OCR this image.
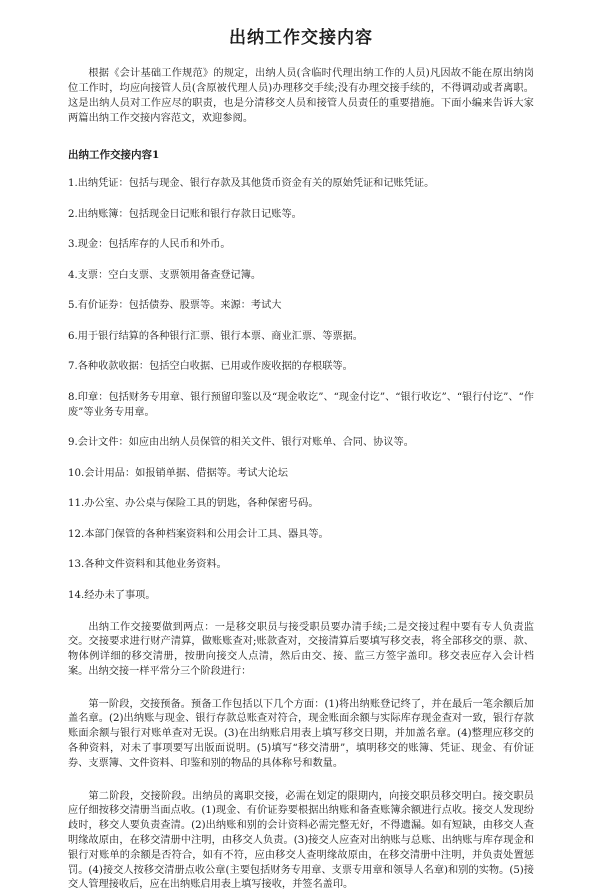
出纳工作交接内容

根据《会计基础工作规范》的规定，出纳人员(含临时代理出纳工作的人员)凡因故不能在原出纳岗位工作时，均应向接管人员(含原被代理人员)办理移交手续;没有办理交接手续的，不得调动或者离职。这是出纳人员对工作应尽的职责，也是分清移交人员和接管人员责任的重要措施。下面小编来告诉大家两篇出纳工作交接内容范文，欢迎参阅。

出纳工作交接内容1

1.出纳凭证：包括与现金、银行存款及其他货币资金有关的原始凭证和记账凭证。

2.出纳账簿：包括现金日记账和银行存款日记账等。

3.现金：包括库存的人民币和外币。

4.支票：空白支票、支票领用备查登记簿。

5.有价证券：包括债券、股票等。来源：考试大

6.用于银行结算的各种银行汇票、银行本票、商业汇票、等票据。

7.各种收款收据：包括空白收据、已用或作废收据的存根联等。

8.印章：包括财务专用章、银行预留印鉴以及“现金收讫”、“现金付讫”、“银行收讫”、“银行付讫”、“作废”等业务专用章。

9.会计文件：如应由出纳人员保管的相关文件、银行对账单、合同、协议等。

10.会计用品：如报销单据、借据等。考试大论坛

11.办公室、办公桌与保险工具的钥匙，各种保密号码。

12.本部门保管的各种档案资料和公用会计工具、器具等。

13.各种文件资料和其他业务资料。

14.经办未了事项。

出纳工作交接要做到两点：一是移交职员与接受职员要办清手续;二是交接过程中要有专人负责监交。交接要求进行财产清算，做账账查对;账款查对，交接清算后要填写移交表，将全部移交的票、款、物体例详细的移交清册，按册向接交人点清，然后由交、接、监三方签字盖印。移交表应存入会计档案。出纳交接一样平常分三个阶段进行：

第一阶段，交接预备。预备工作包括以下几个方面：(1)将出纳账登记终了，并在最后一笔余额后加盖名章。(2)出纳账与现金、银行存款总账查对符合，现金账面余额与实际库存现金查对一致，银行存款账面余额与银行对账单查对无误。(3)在出纳账启用表上填写移交日期，并加盖名章。(4)整理应移交的各种资料，对未了事项要写出版面说明。(5)填写“移交清册”，填明移交的账簿、凭证、现金、有价证券、支票簿、文件资料、印鉴和别的物品的具体称号和数量。

第二阶段，交接阶段。出纳员的离职交接，必需在划定的限期内，向接交职员移交明白。接交职员应仔细按移交清册当面点收。(1)现金、有价证券要根据出纳账和备查账簿余额进行点收。接交人发现纷歧时，移交人要负责查清。(2)出纳账和别的会计资料必需完整无好，不得遗漏。如有短缺，由移交人查明缘故原由，在移交清册中注明，由移交人负责。(3)接交人应查对出纳账与总账、出纳账与库存现金和银行对账单的余额是否符合，如有不符，应由移交人查明缘故原由，在移交清册中注明，并负责处置惩罚。(4)接交人按移交清册点收公章(主要包括财务专用章、支票专用章和领导人名章)和别的实物。(5)接交人管理接收后，应在出纳账启用表上填写接收，并签名盖印。
